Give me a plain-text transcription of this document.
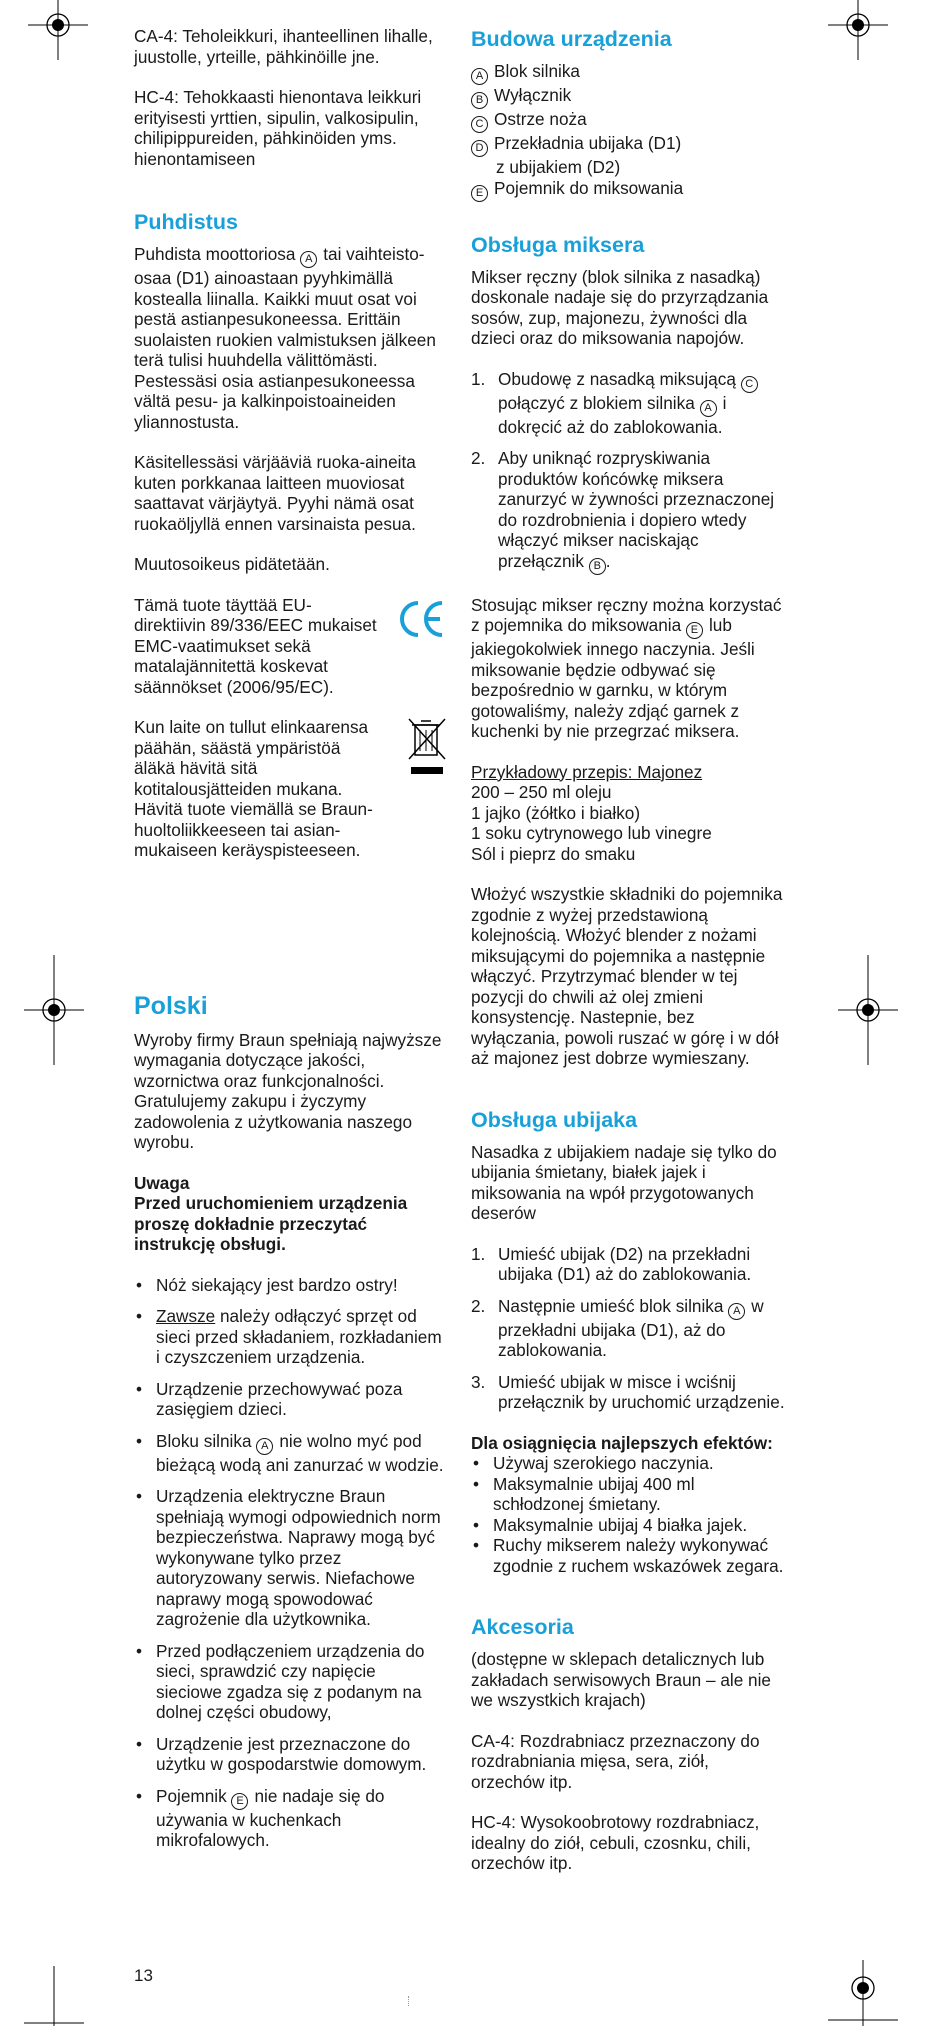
CA-4: Teholeikkuri, ihanteellinen lihalle, juustolle, yrteille, pähkinöille jne.

HC-4: Tehokkaasti hienontava leikkuri erityisesti yrttien, sipulin, valkosipulin, chilipippureiden, pähkinöiden yms. hienontamiseen

Puhdistus

Puhdista moottoriosa A tai vaihteisto-osaa (D1) ainoastaan pyyhkimällä kostealla liinalla. Kaikki muut osat voi pestä astianpesukoneessa. Erittäin suolaisten ruokien valmistuksen jälkeen terä tulisi huuhdella välittömästi. Pestessäsi osia astianpesukoneessa vältä pesu- ja kalkinpoistoaineiden yliannostusta.

Käsitellessäsi värjääviä ruoka-aineita kuten porkkanaa laitteen muoviosat saattavat värjäytyä. Pyyhi nämä osat ruokaöljyllä ennen varsinaista pesua.

Muutosoikeus pidätetään.

Tämä tuote täyttää EU-direktiivin 89/336/EEC mukaiset EMC-vaatimukset sekä matalajännitettä koskevat säännökset (2006/95/EC).

Kun laite on tullut elinkaarensa päähän, säästä ympäristöä äläkä hävitä sitä kotitalousjätteiden mukana. Hävitä tuote viemällä se Braun-huoltoliikkeeseen tai asian-mukaiseen keräyspisteeseen.

Polski

Wyroby firmy Braun spełniają najwyższe wymagania dotyczące jakości, wzornictwa oraz funkcjonalności. Gratulujemy zakupu i życzymy zadowolenia z użytkowania naszego wyrobu.

Uwaga
Przed uruchomieniem urządzenia proszę dokładnie przeczytać instrukcję obsługi.

• Nóż siekający jest bardzo ostry!
• Zawsze należy odłączyć sprzęt od sieci przed składaniem, rozkładaniem i czyszczeniem urządzenia.
• Urządzenie przechowywać poza zasięgiem dzieci.
• Bloku silnika A nie wolno myć pod bieżącą wodą ani zanurzać w wodzie.
• Urządzenia elektryczne Braun spełniają wymogi odpowiednich norm bezpieczeństwa. Naprawy mogą być wykonywane tylko przez autoryzowany serwis. Niefachowe naprawy mogą spowodować zagrożenie dla użytkownika.
• Przed podłączeniem urządzenia do sieci, sprawdzić czy napięcie sieciowe zgadza się z podanym na dolnej części obudowy,
• Urządzenie jest przeznaczone do użytku w gospodarstwie domowym.
• Pojemnik E nie nadaje się do używania w kuchenkach mikrofalowych.
Budowa urządzenia
A Blok silnika
B Wyłącznik
C Ostrze noża
D Przekładnia ubijaka (D1)
z ubijakiem (D2)
E Pojemnik do miksowania
Obsługa miksera

Mikser ręczny (blok silnika z nasadką) doskonale nadaje się do przyrządzania sosów, zup, majonezu, żywności dla dzieci oraz do miksowania napojów.

1. Obudowę z nasadką miksującą Cpołączyć z blokiem silnika A i dokręcić aż do zablokowania.
2. Aby uniknąć rozpryskiwania produktów końcówkę miksera zanurzyć w żywności przeznaczonej do rozdrobnienia i dopiero wtedy włączyć mikser naciskając przełącznik B .

Stosując mikser ręczny można korzystać z pojemnika do miksowania E lub jakiegokolwiek innego naczynia. Jeśli miksowanie będzie odbywać się bezpośrednio w garnku, w którym gotowaliśmy, należy zdjąć garnek z kuchenki by nie przegrzać miksera.

Przykładowy przepis: Majonez
200 – 250 ml oleju
1 jajko (żółtko i białko)
1 soku cytrynowego lub vinegre
Sól i pieprz do smaku

Włożyć wszystkie składniki do pojemnika zgodnie z wyżej przedstawioną kolejnością. Włożyć blender z nożami miksującymi do pojemnika a następnie włączyć. Przytrzymać blender w tej pozycji do chwili aż olej zmieni konsystencję. Nastepnie, bez wyłączania, powoli ruszać w górę i w dół aż majonez jest dobrze wymieszany.

Obsługa ubijaka

Nasadka z ubijakiem nadaje się tylko do ubijania śmietany, białek jajek i miksowania na wpół przygotowanych deserów

1. Umieść ubijak (D2) na przekładni ubijaka (D1) aż do zablokowania.
2. Następnie umieść blok silnika A w przekładni ubijaka (D1), aż do zablokowania.
3. Umieść ubijak w misce i wciśnij przełącznik by uruchomić urządzenie.

Dla osiągnięcia najlepszych efektów:

• Używaj szerokiego naczynia.
• Maksymalnie ubijaj 400 ml schłodzonej śmietany.
• Maksymalnie ubijaj 4 białka jajek.
• Ruchy mikserem należy wykonywać zgodnie z ruchem wskazówek zegara.
Akcesoria

(dostępne w sklepach detalicznych lub zakładach serwisowych Braun – ale nie we wszystkich krajach)

CA-4: Rozdrabniacz przeznaczony do rozdrabniania mięsa, sera, ziół, orzechów itp.

HC-4: Wysokoobrotowy rozdrabniacz, idealny do ziół, cebuli, czosnku, chili, orzechów itp.

13
